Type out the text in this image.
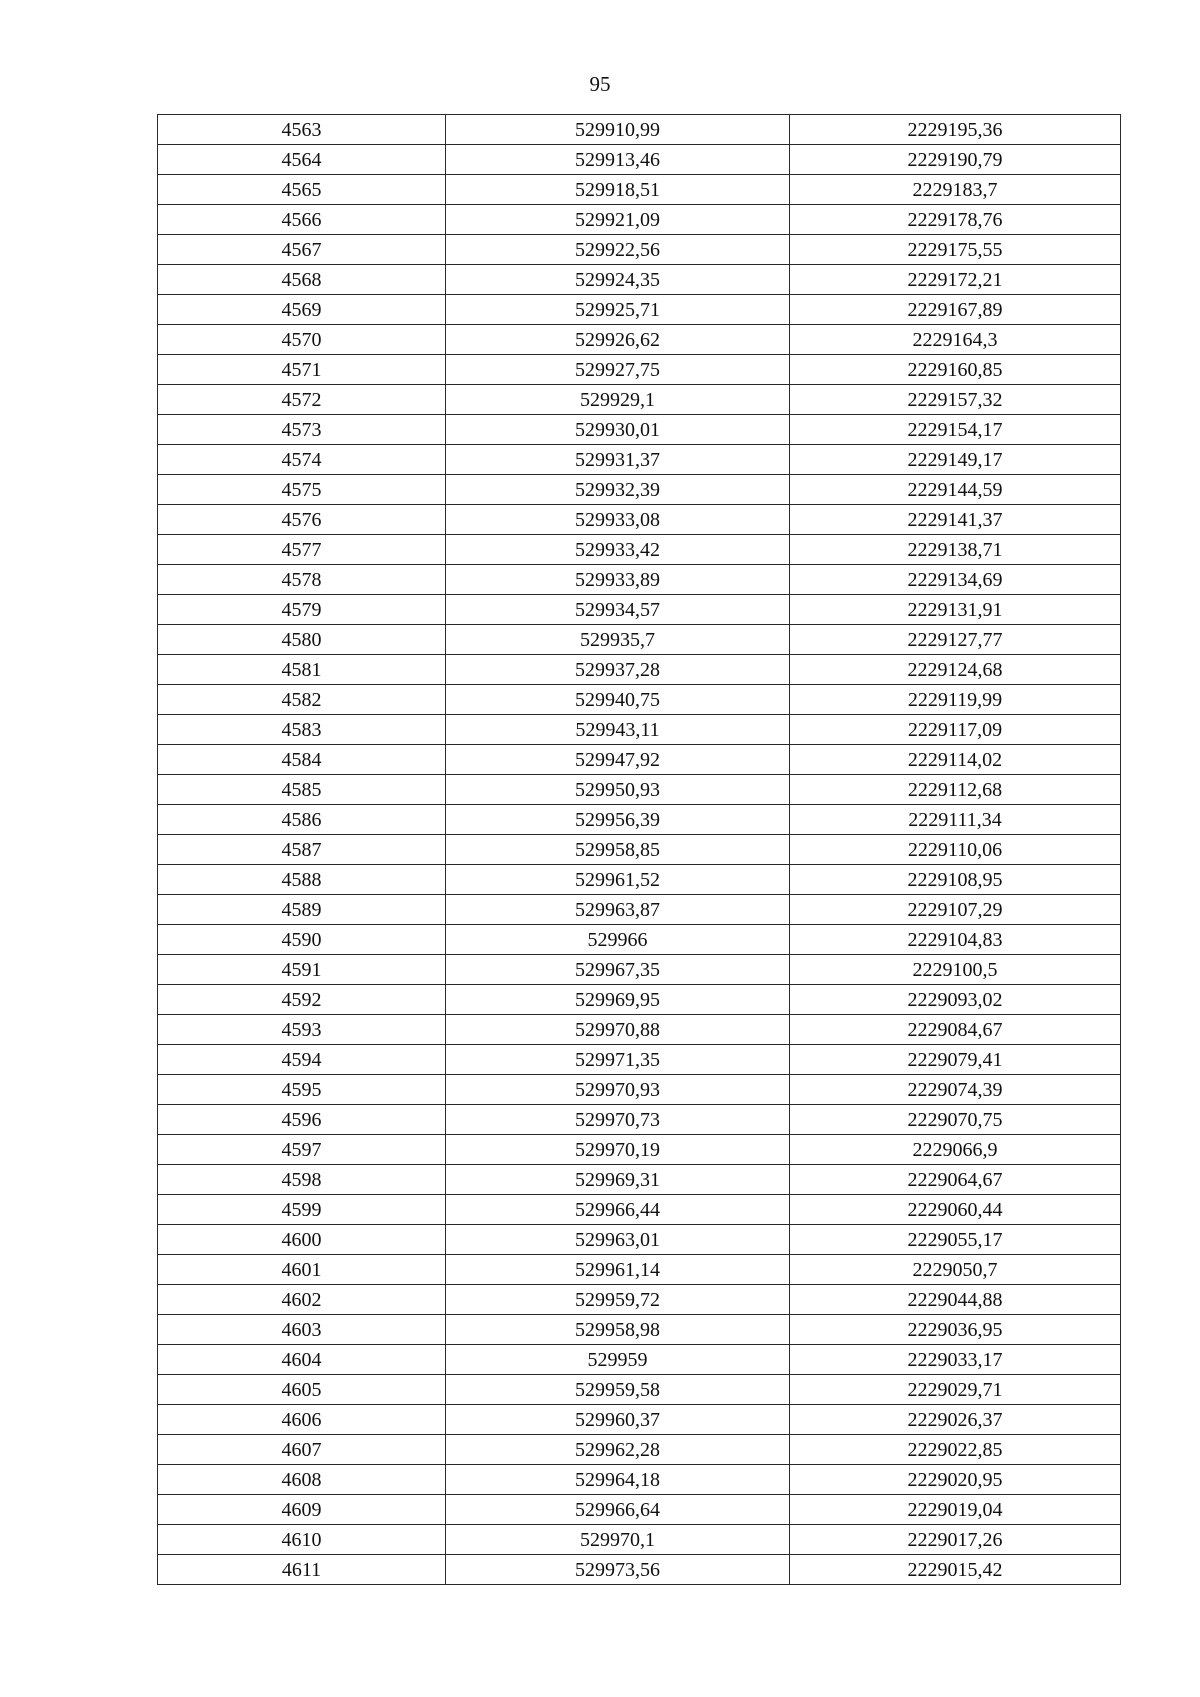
95
4563	529910,99	2229195,36
4564	529913,46	2229190,79
4565	529918,51	2229183,7
4566	529921,09	2229178,76
4567	529922,56	2229175,55
4568	529924,35	2229172,21
4569	529925,71	2229167,89
4570	529926,62	2229164,3
4571	529927,75	2229160,85
4572	529929,1	2229157,32
4573	529930,01	2229154,17
4574	529931,37	2229149,17
4575	529932,39	2229144,59
4576	529933,08	2229141,37
4577	529933,42	2229138,71
4578	529933,89	2229134,69
4579	529934,57	2229131,91
4580	529935,7	2229127,77
4581	529937,28	2229124,68
4582	529940,75	2229119,99
4583	529943,11	2229117,09
4584	529947,92	2229114,02
4585	529950,93	2229112,68
4586	529956,39	2229111,34
4587	529958,85	2229110,06
4588	529961,52	2229108,95
4589	529963,87	2229107,29
4590	529966	2229104,83
4591	529967,35	2229100,5
4592	529969,95	2229093,02
4593	529970,88	2229084,67
4594	529971,35	2229079,41
4595	529970,93	2229074,39
4596	529970,73	2229070,75
4597	529970,19	2229066,9
4598	529969,31	2229064,67
4599	529966,44	2229060,44
4600	529963,01	2229055,17
4601	529961,14	2229050,7
4602	529959,72	2229044,88
4603	529958,98	2229036,95
4604	529959	2229033,17
4605	529959,58	2229029,71
4606	529960,37	2229026,37
4607	529962,28	2229022,85
4608	529964,18	2229020,95
4609	529966,64	2229019,04
4610	529970,1	2229017,26
4611	529973,56	2229015,42
